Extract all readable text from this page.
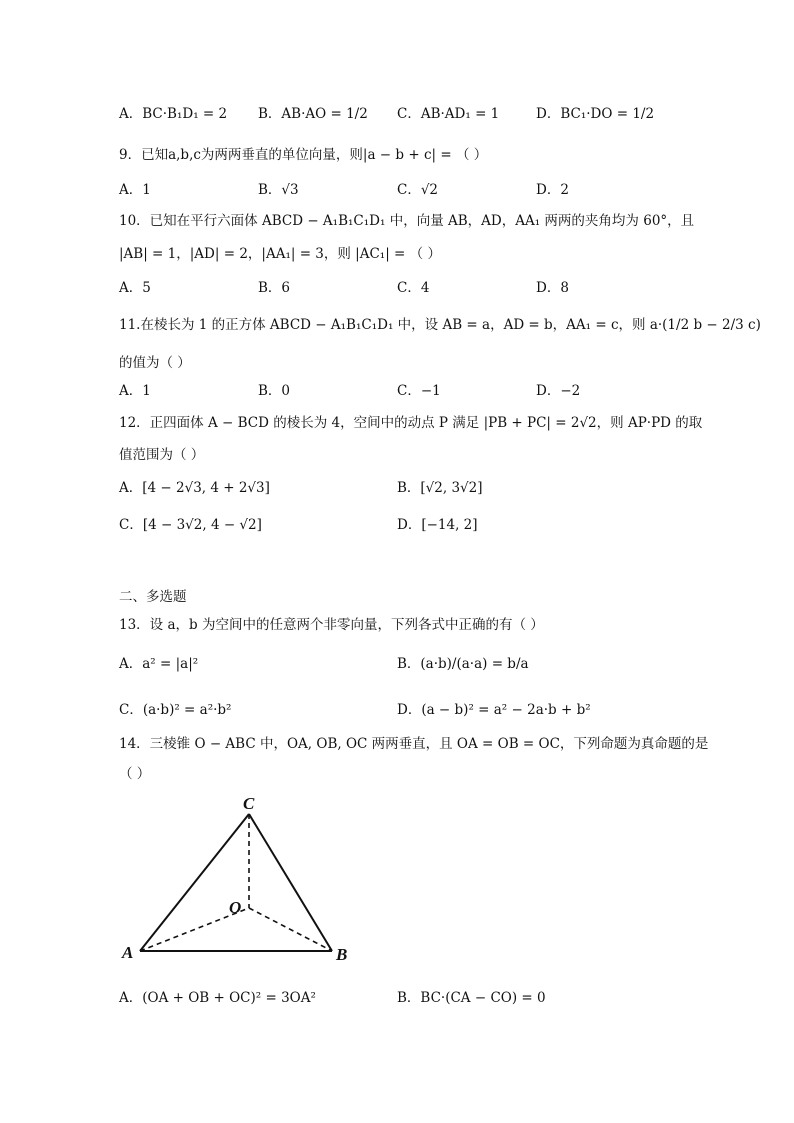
A．BC·B₁D₁ = 2 B．AB·AO = 1/2 C．AB·AD₁ = 1	D．BC₁·DO = 1/2
9．已知a,b,c为两两垂直的单位向量，则|a − b + c| = （ ）
A．1	B．√3	C．√2	D．2
10．已知在平行六面体 ABCD − A₁B₁C₁D₁ 中，向量 AB，AD，AA₁ 两两的夹角均为 60°，且
|AB| = 1，|AD| = 2，|AA₁| = 3，则 |AC₁| = （ ）
A．5	B．6	C．4	D．8
11.在棱长为 1 的正方体 ABCD − A₁B₁C₁D₁ 中，设 AB = a，AD = b，AA₁ = c，则 a·(1/2 b − 2/3 c)
的值为（ ）
A．1	B．0	C．−1	D．−2
12．正四面体 A − BCD 的棱长为 4，空间中的动点 P 满足 |PB + PC| = 2√2，则 AP·PD 的取
值范围为（ ）
A．[4 − 2√3, 4 + 2√3]	B．[√2, 3√2]
C．[4 − 3√2, 4 − √2]	D．[−14, 2]
二、多选题
13．设 a，b 为空间中的任意两个非零向量，下列各式中正确的有（ ）
A．a² = |a|²	B．(a·b)/(a·a) = b/a
C．(a·b)² = a²·b²	D．(a − b)² = a² − 2a·b + b²
14．三棱锥 O − ABC 中，OA, OB, OC 两两垂直，且 OA = OB = OC，下列命题为真命题的是
（ ）
C
O
A	B
A．(OA + OB + OC)² = 3OA²	B．BC·(CA − CO) = 0
